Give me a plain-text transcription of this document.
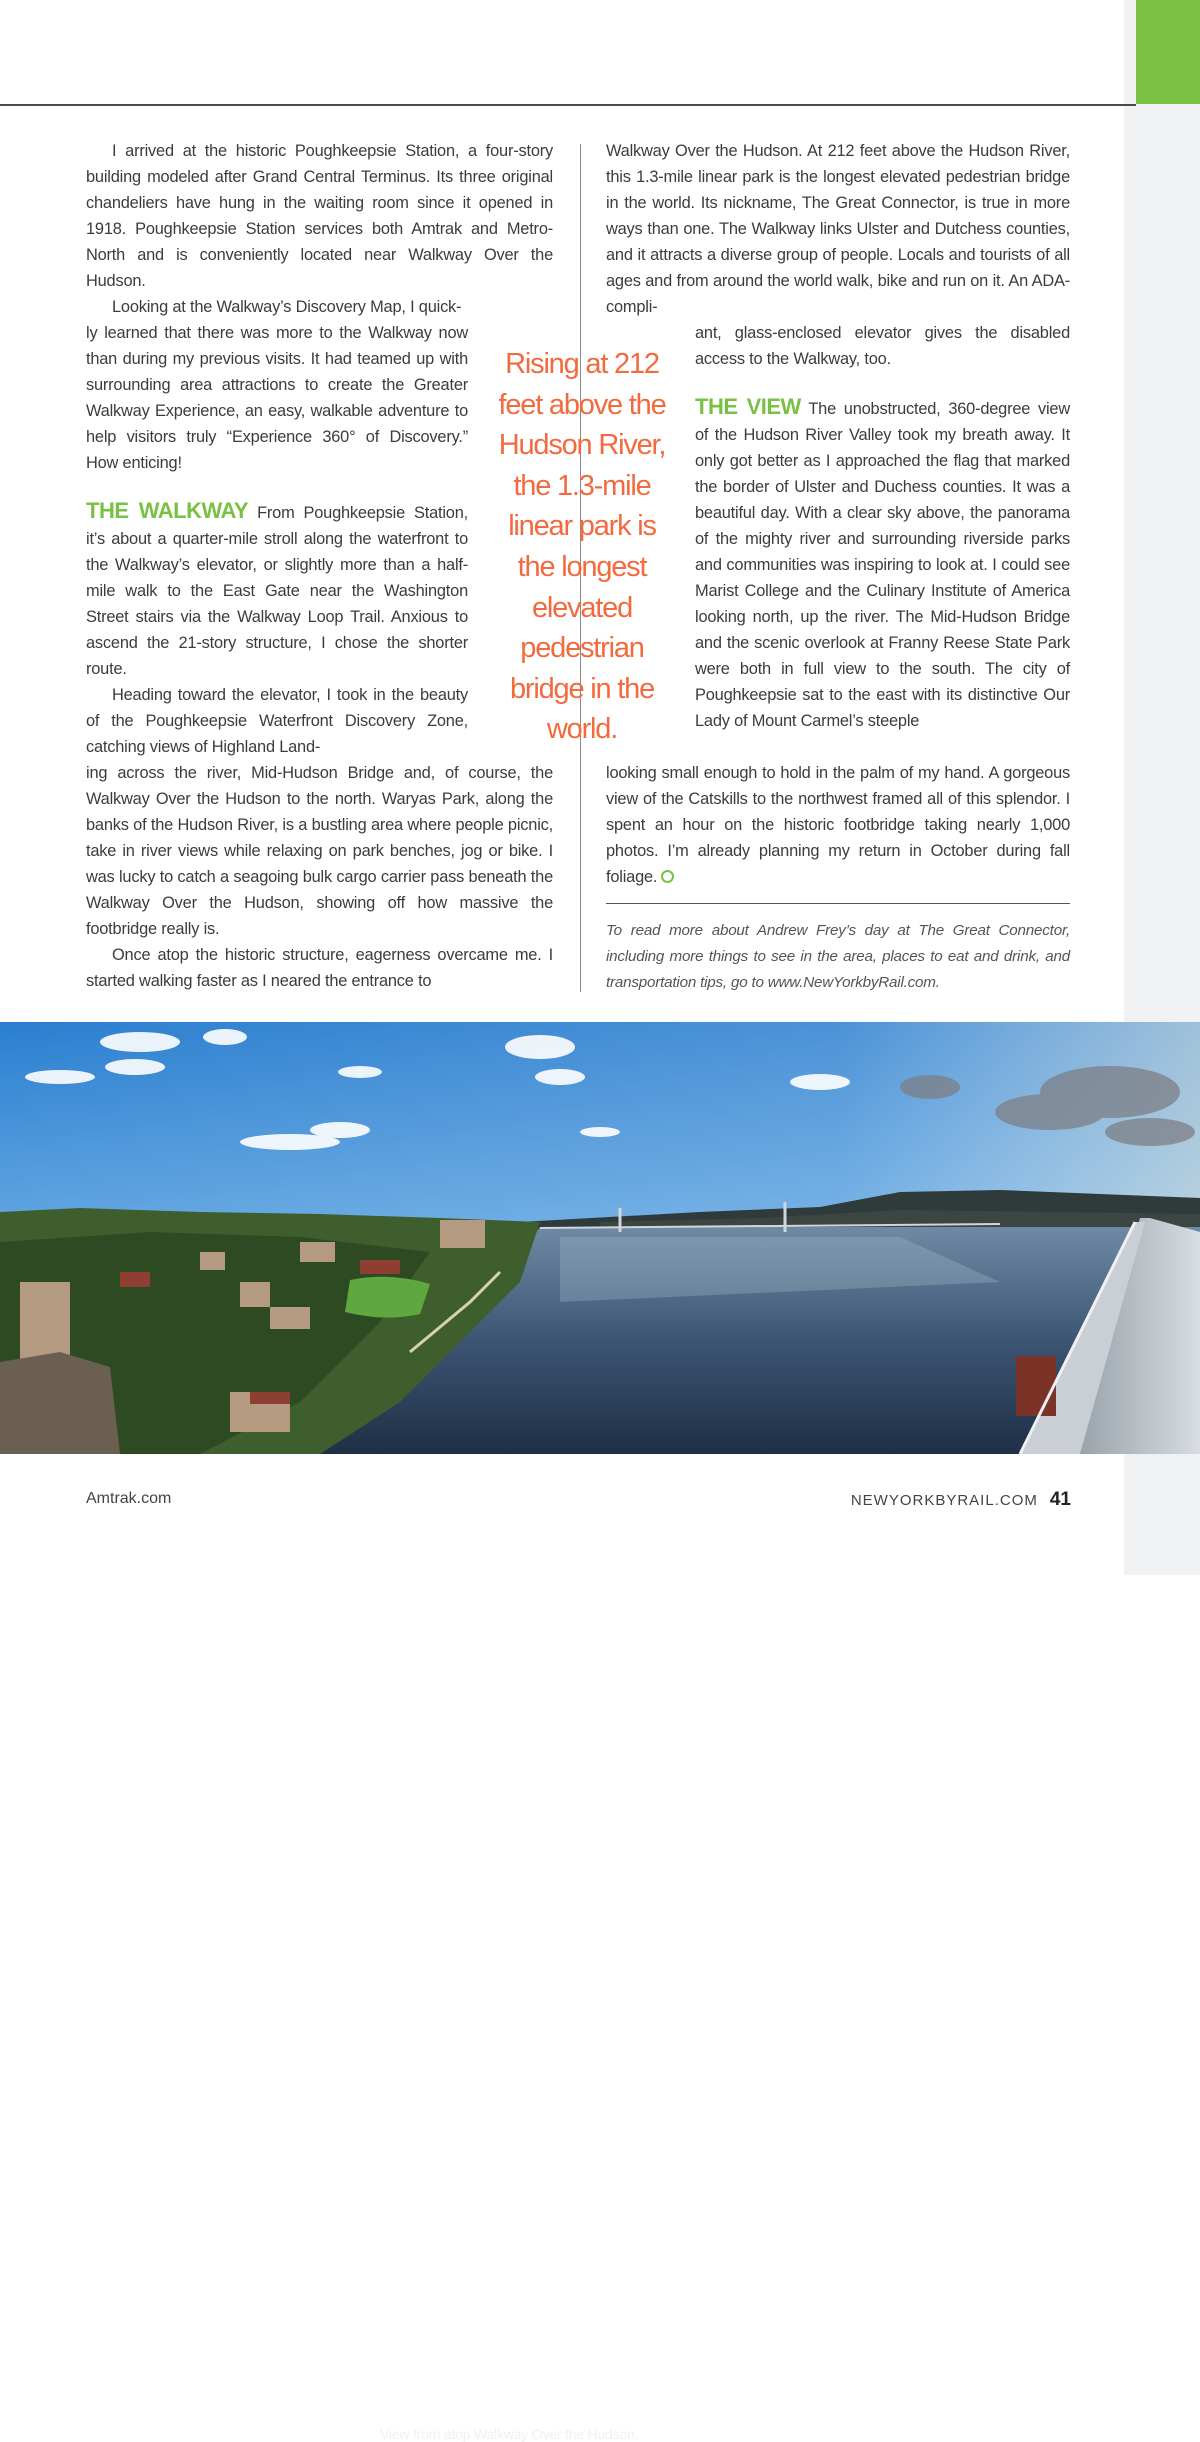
I arrived at the historic Poughkeepsie Station, a four-story building modeled after Grand Central Terminus. Its three original chandeliers have hung in the waiting room since it opened in 1918. Poughkeepsie Station services both Amtrak and Metro-North and is conveniently located near Walkway Over the Hudson.

Looking at the Walkway’s Discovery Map, I quick-

ly learned that there was more to the Walkway now than during my previous visits. It had teamed up with surrounding area attractions to create the Greater Walkway Experience, an easy, walkable adventure to help visitors truly “Experience 360° of Discovery.” How enticing!

THE WALKWAY From Poughkeepsie Station, it’s about a quarter-mile stroll along the waterfront to the Walkway’s elevator, or slightly more than a half-mile walk to the East Gate near the Washington Street stairs via the Walkway Loop Trail. Anxious to ascend the 21-story structure, I chose the shorter route.

Heading toward the elevator, I took in the beauty of the Poughkeepsie Waterfront Discovery Zone, catching views of Highland Land-

ing across the river, Mid-Hudson Bridge and, of course, the Walkway Over the Hudson to the north. Waryas Park, along the banks of the Hudson River, is a bustling area where people picnic, take in river views while relaxing on park benches, jog or bike. I was lucky to catch a seagoing bulk cargo carrier pass beneath the Walkway Over the Hudson, showing off how massive the footbridge really is.

Once atop the historic structure, eagerness overcame me. I started walking faster as I neared the entrance to

Rising at 212 feet above the Hudson River, the 1.3-mile linear park is the longest elevated pedestrian bridge in the world.

Walkway Over the Hudson. At 212 feet above the Hudson River, this 1.3-mile linear park is the longest elevated pedestrian bridge in the world. Its nickname, The Great Connector, is true in more ways than one. The Walkway links Ulster and Dutchess counties, and it attracts a diverse group of people. Locals and tourists of all ages and from around the world walk, bike and run on it. An ADA-compli-

ant, glass-enclosed elevator gives the disabled access to the Walkway, too.

THE VIEW The unobstructed, 360-degree view of the Hudson River Valley took my breath away. It only got better as I approached the flag that marked the border of Ulster and Duchess counties. It was a beautiful day. With a clear sky above, the panorama of the mighty river and surrounding riverside parks and communities was inspiring to look at. I could see Marist College and the Culinary Institute of America looking north, up the river. The Mid-Hudson Bridge and the scenic overlook at Franny Reese State Park were both in full view to the south. The city of Poughkeepsie sat to the east with its distinctive Our Lady of Mount Carmel’s steeple

looking small enough to hold in the palm of my hand. A gorgeous view of the Catskills to the northwest framed all of this splendor. I spent an hour on the historic footbridge taking nearly 1,000 photos. I’m already planning my return in October during fall foliage.

To read more about Andrew Frey’s day at The Great Connector, including more things to see in the area, places to eat and drink, and transportation tips, go to www.NewYorkbyRail.com.
View from atop Walkway Over the Hudson.
Amtrak.com	NEWYORKBYRAIL.COM 41
